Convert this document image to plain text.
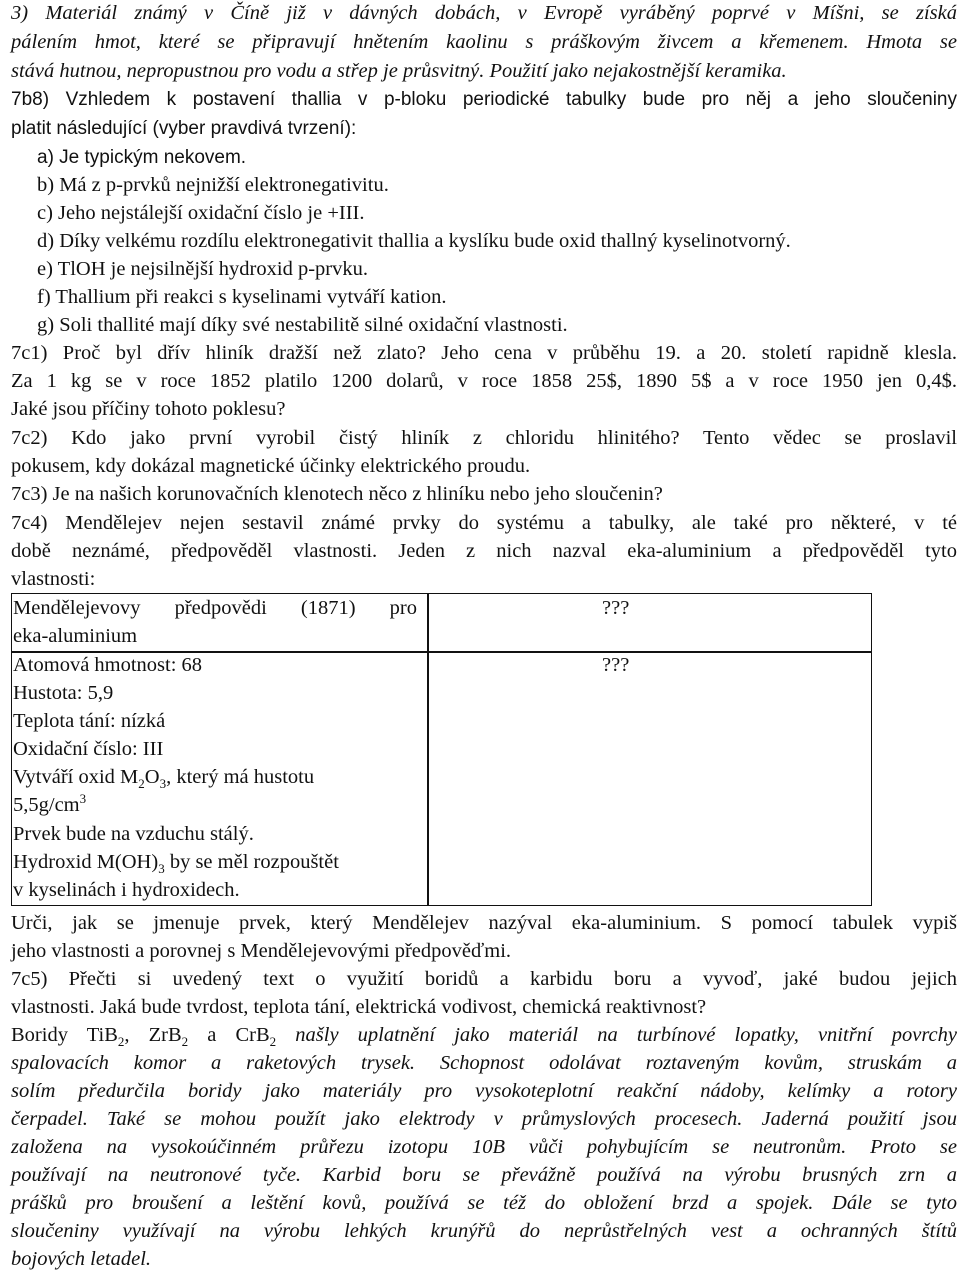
3) Materiál známý v Číně již v dávných dobách, v Evropě vyráběný poprvé v Míšni, se získá
pálením hmot, které se připravují hnětením kaolinu s práškovým živcem a křemenem. Hmota se
stává hutnou, nepropustnou pro vodu a střep je průsvitný. Použití jako nejakostnější keramika.
7b8) Vzhledem k postavení thallia v p-bloku periodické tabulky bude pro něj a jeho sloučeniny
platit následující (vyber pravdivá tvrzení):
a) Je typickým nekovem.
b) Má z p-prvků nejnižší elektronegativitu.
c) Jeho nejstálejší oxidační číslo je +III.
d) Díky velkému rozdílu elektronegativit thallia a kyslíku bude oxid thallný kyselinotvorný.
e) TlOH je nejsilnější hydroxid p-prvku.
f) Thallium při reakci s kyselinami vytváří kation.
g) Soli thallité mají díky své nestabilitě silné oxidační vlastnosti.
7c1) Proč byl dřív hliník dražší než zlato? Jeho cena v průběhu 19. a 20. století rapidně klesla.
Za 1 kg se v roce 1852 platilo 1200 dolarů, v roce 1858 25$, 1890 5$ a v roce 1950 jen 0,4$.
Jaké jsou příčiny tohoto poklesu?
7c2) Kdo jako první vyrobil čistý hliník z chloridu hlinitého? Tento vědec se proslavil
pokusem, kdy dokázal magnetické účinky elektrického proudu.
7c3) Je na našich korunovačních klenotech něco z hliníku nebo jeho sloučenin?
7c4) Mendělejev nejen sestavil známé prvky do systému a tabulky, ale také pro některé, v té
době neznámé, předpověděl vlastnosti. Jeden z nich nazval eka-aluminium a předpověděl tyto
vlastnosti:
Mendělejevovy předpovědi (1871) pro
eka-aluminium
???
Atomová hmotnost: 68
Hustota: 5,9
Teplota tání: nízká
Oxidační číslo: III
Vytváří oxid $M_2O_3$, který má hustotu
$5,5g/cm^3$
Prvek bude na vzduchu stálý.
Hydroxid $M(OH)_3$ by se měl rozpouštět
v kyselinách i hydroxidech.
???
Urči, jak se jmenuje prvek, který Mendělejev nazýval eka-aluminium. S pomocí tabulek vypiš
jeho vlastnosti a porovnej s Mendělejevovými předpověďmi.
7c5) Přečti si uvedený text o využití boridů a karbidu boru a vyvoď, jaké budou jejich
vlastnosti. Jaká bude tvrdost, teplota tání, elektrická vodivost, chemická reaktivnost?
Boridy TiB$_2$, ZrB$_2$ a CrB$_2$ našly uplatnění jako materiál na turbínové lopatky, vnitřní povrchy
spalovacích komor a raketových trysek. Schopnost odolávat roztaveným kovům, struskám a
solím předurčila boridy jako materiály pro vysokoteplotní reakční nádoby, kelímky a rotory
čerpadel. Také se mohou použít jako elektrody v průmyslových procesech. Jaderná použití jsou
založena na vysokoúčinném průřezu izotopu 10B vůči pohybujícím se neutronům. Proto se
používají na neutronové tyče. Karbid boru se převážně používá na výrobu brusných zrn a
prášků pro broušení a leštění kovů, používá se též do obložení brzd a spojek. Dále se tyto
sloučeniny využívají na výrobu lehkých krunýřů do neprůstřelných vest a ochranných štítů
bojových letadel.
